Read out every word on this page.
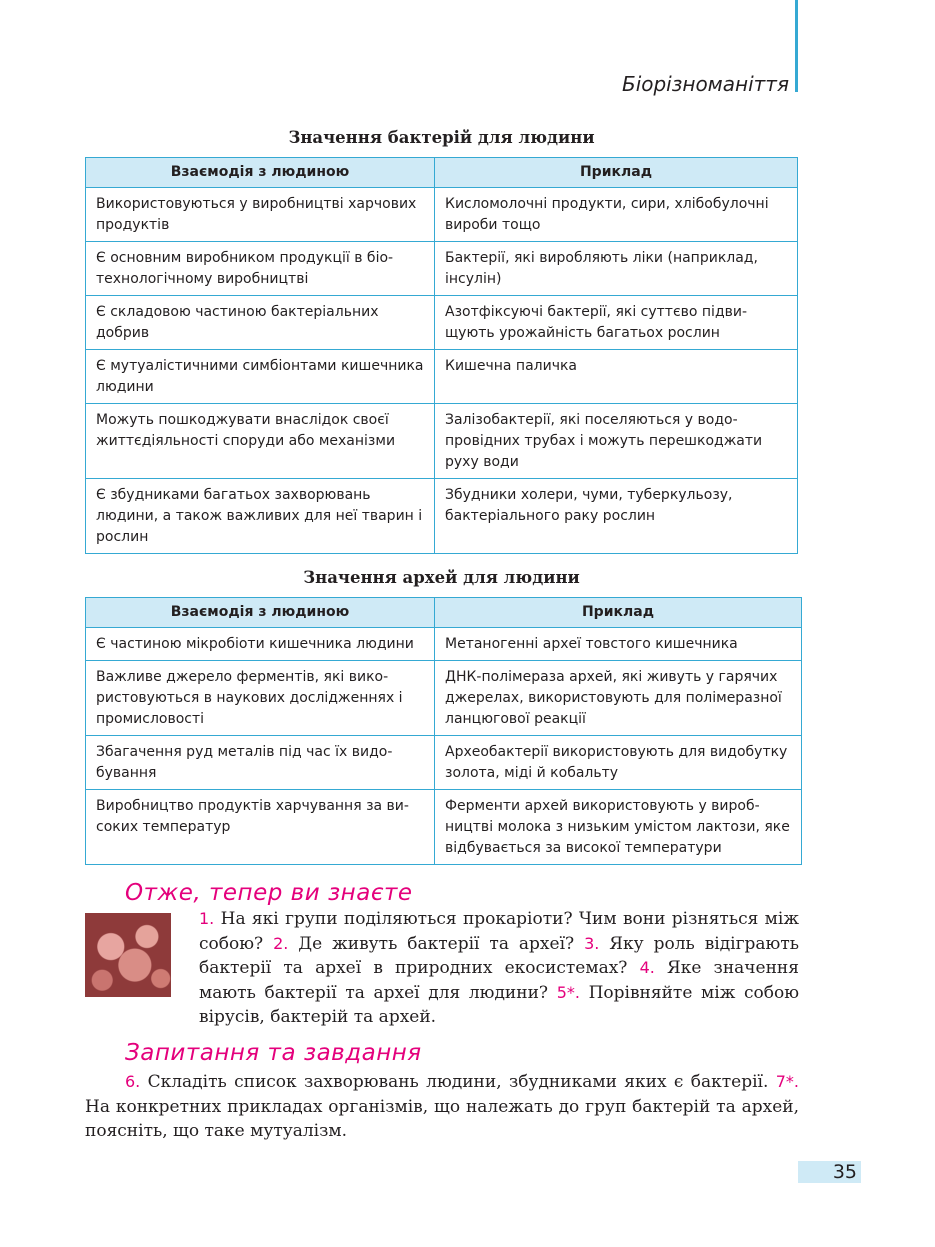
Біорізноманіття
Значення бактерій для людини
Взаємодія з людиною	Приклад
Використовуються у виробництві харчових продуктів	Кисломолочні продукти, сири, хлібобулочні вироби тощо
Є основним виробником продукції в біотехнологічному виробництві	Бактерії, які виробляють ліки (наприклад, інсулін)
Є складовою частиною бактеріальних добрив	Азотфіксуючі бактерії, які суттєво підвищують урожайність багатьох рослин
Є мутуалістичними симбіонтами кишечника людини	Кишечна паличка
Можуть пошкоджувати внаслідок своєї життєдіяльності споруди або механізми	Залізобактерії, які поселяються у водопровідних трубах і можуть перешкоджати руху води
Є збудниками багатьох захворювань людини, а також важливих для неї тварин і рослин	Збудники холери, чуми, туберкульозу, бактеріального раку рослин
Значення архей для людини
Взаємодія з людиною	Приклад
Є частиною мікробіоти кишечника людини	Метаногенні археї товстого кишечника
Важливе джерело ферментів, які використовуються в наукових дослідженнях і промисловості	ДНК-полімераза архей, які живуть у гарячих джерелах, використовують для полімеразної ланцюгової реакції
Збагачення руд металів під час їх видобування	Археобактерії використовують для видобутку золота, міді й кобальту
Виробництво продуктів харчування за високих температур	Ферменти архей використовують у виробництві молока з низьким умістом лактози, яке відбувається за високої температури
Отже, тепер ви знаєте
1. На які групи поділяються прокаріоти? Чим вони різняться між собою? 2. Де живуть бактерії та археї? 3. Яку роль відіграють бактерії та археї в природних екосистемах? 4. Яке значення мають бактерії та археї для людини? 5*. Порівняйте між собою вірусів, бактерій та архей.
Запитання та завдання
6. Складіть список захворювань людини, збудниками яких є бактерії. 7*. На конкретних прикладах організмів, що належать до груп бактерій та архей, поясніть, що таке мутуалізм.
35
